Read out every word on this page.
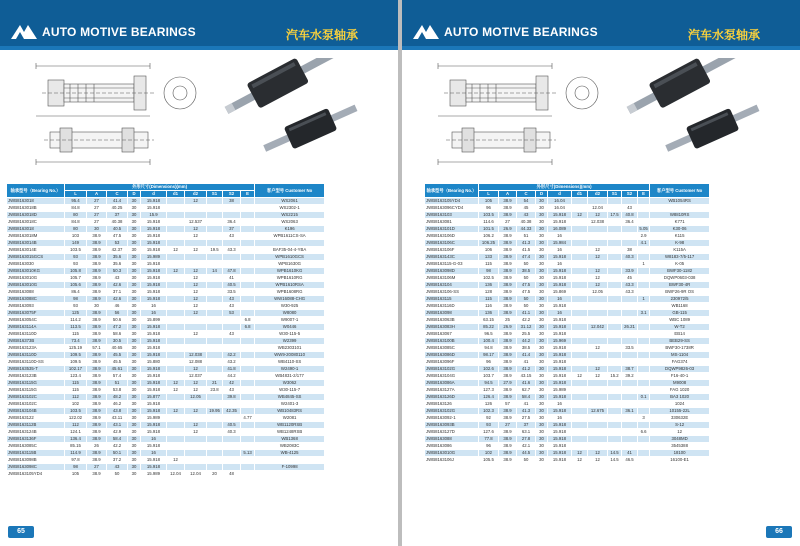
AUTO MOTIVE BEARINGS	汽车水泵轴承
轴承型号（Bearing No.）	外形尺寸(Dimensions)(mm)										客户型号 Customer No
	L	A	C	D	d	d1	d2	S1	S2	E	
JWB8163018	95.4	27	41.4	30	15.918		12		38		WS2061
JWB8163018B	84.8	27	40.25	30	15.918						WS2302-1
JWB8163018D	80	27	37	30	15.9						WS2215
JWB8163018C	84.8	27	40.38	30	15.918		12.537		36.4		WS2063
JWB8163018	80	30	40.5	30	15.918		12		37		K196
JWB8163018M	103	38.9	47.5	30	15.918		12		43		WPB1611CS-SA
JWB8163014B	149	38.9	53	30	15.918						
JWB8163014E	103.5	38.9	42.37	30	15.918	12	12	19.5	43.3		BAF35-04-4-YBA
JWB8163015GCS	93	38.9	35.6	30	15.989						WPB1610GCS
JWB8163030	93	38.9	35.6	30	15.918						WPB1630G
JWB8163010KG	105.8	38.9	50.3	30	15.918	12	12	14	47.8		WPB1610KG
JWB8163010G	105.7	38.9	43	30	15.918		12		41		WPB1610RG
JWB8163010G	105.6	38.9	42.6	30	15.918		12		40.5		WPB1610RSA
JWB8163088	86.4	38.9	37.1	30	15.918		12		33.5		WPB1608RG
JWB8163088C	98	38.9	42.6	30	15.918		12		43		WW16088-CHG
JWB8163093	93	30	46	30	16		12		43		W30-925
JWB8163075F	125	38.9	56	30	16		12		53		W8080
JWB8163054C	114.2	38.9	50.6	30	15.899					6.8	W9007-1
JWB8163114A	113.5	38.9	47.2	30	15.918					6.8	W0446
JWB8163110D	115	38.9	58.6	30	15.918		12		43		W30-115-5
JWB816373B	73.4	38.9	30.5	30	15.918						W2399
JWB8163123A	125.19	57.1	40.65	30	15.918						WB2303101
JWB8163110D	109.5	38.9	45.5	30	15.918		12.038		42.2		WW9-20080110
JWB8163110D-SS	109.5	38.9	45.5	30	15.880		12.088		43.2		WB4110-SS
JWB8163535-T	102.17	38.9	45.61	30	15.918		12		41.8		W2490-1
JWB8163123B	123.4	38.9	57.4	30	15.918		12.037		44.2		WB4831-2/177
JWB8163115G	115	38.9	51	30	15.918	12	12	21	42		W3062
JWB8163115G	115	38.9	53.8	30	15.918	12	12	23.8	43		W30-115-7
JWB8163102C	112	38.9	48.2	30	15.877		12.05		39.8		WB4845-SS
JWB8163102C	102	38.9	46.2	30	15.918						W2401-3
JWB8163104B	103.5	38.9	43.8	30	15.918	12	12	19.95	42.35		WB10483RS
JWB8163122	122.02	38.9	43.11	30	15.989					4.77	W2081
JWB8163112B	112	38.9	43.1	30	15.918		12		40.5		WB1120RSB
JWB8163124B	124.1	38.9	42.9	30	15.918		12		40.3		WB1248RSB
JWB8163136F	136.4	38.9	58.4	30	16						WB1368
JWB8163085C	85.15	26	42.2	30	15.918						WB2083C
JWB8163115B	114.9	38.9	50.1	30	16					5.13	WB-4125
JWB8163098B	97.8	38.9	37.2	30	15.918	12					
JWB8163098C	98	27	43	30	15.918						F-10998
JWB8163105YD4	105	38.9	50	30	15.989	12.04	12.04	20	48		
65
AUTO MOTIVE BEARINGS	汽车水泵轴承
轴承型号（Bearing No.）	外形尺寸(Dimensions)(mm)										客户型号 Customer No
	L	A	C	D	d	d1	d2	S1	S2	E	
JWB8163105YD4	105	38.9	54	30	16.04						WB1054RS
JWB8163096CYD4	96	38.9	45	30	16.04		12.04		43		
JWB8163103	103.5	38.9	43	30	15.918	12	12	17.5	40.8		W8810RS
JWB8163081	114.6	27	40.38	30	15.918		12.038		36.4		K771
JWB8163101D	101.5	26.9	44.33	30	16.089					5.05	K30-06
JWB8163106D	106.2	38.9	51	30	16					2.9	K115
JWB8163106C	106.25	38.9	41.3	30	15.984					4.1	K-98
JWB8163106F	106	38.9	41.5	30	16		12		38		K115A
JWB8163143C	133	38.9	47.4	30	15.918		12		40.3		W8183-7/5-117
JWB8163115-G-03	115	38.9	50	30	16					1	K-05
JWB8163098D	98	38.9	38.5	30	15.918		12		33.9		BWF30-1182
JWB8163106M	102.5	38.9	50	30	15.918		12		45		DQWP0603-038
JWB8163104	136	38.9	47.5	30	15.918		12		43.3		BWF30-4R
JWB8163106-SS	128	38.9	47.5	30	15.869		12.05		43.3		BWF26-9R OS
JWB8163115	115	38.9	50	30	16					1	230972/5
JWB8163116D	116	38.9	50	30	15.918						WB1168
JWB8163098	136	38.9	41.1	30	16					3.1	GB-115
JWB8163063B	63.15	25	42.2	30	15.918						WBC 1089
JWB8163083H	85.22	26.9	31.12	30	15.918		12.042		26.21		W-T2
JWB8163067	96.5	38.9	25.5	30	15.918						EB14
JWB8163100B	100.4	38.9	44.2	30	15.969						BEB29-SS
JWB8163085C	94.8	38.9	38.5	30	15.918		12		33.5		BWF30-1738R
JWB8163086D	98.17	38.9	41.4	30	15.918						MS-1104
JWB8163096F	96	38.9	41	30	15.918						FAG374
JWB8163102G	102.6	38.9	41.2	30	15.918		12		38.7		DQWP9826-03
JWB8163104G	103.7	38.9	43.15	30	15.918	12	12	15.2	39.2		F16-40-1
JWB8163086A	94.5	27.9	41.6	30	15.918						M9008
JWB8163127A	127.3	38.9	62.7	30	15.989						FAG 1020
JWB8163126D	126.4	38.9	58.4	30	15.918					0.1	BA3 1020
JWB8163126	126	57	41	30	16						1024
JWB8163102G	102.3	38.9	41.3	30	15.918		12.675		36.1		10155-22L
JWB8163092-1	92	38.9	27.5	30	16					3	330632E
JWB8163093B	93	27	37	30	15.918						S-12
JWB8163127D	127.6	38.9	63.1	30	15.918					6.6	12
JWB8163088	77.8	38.9	27.8	30	15.918						3048MD
JWB8163086	96	38.9	42.1	30	15.918						3545388
JWB8163010G	102	38.9	44.5	30	15.918	12	12	14.5	41		18100
JWB8163106J	105.5	38.9	50	30	15.918	12	12	14.5	46.5		16100-E1
66
